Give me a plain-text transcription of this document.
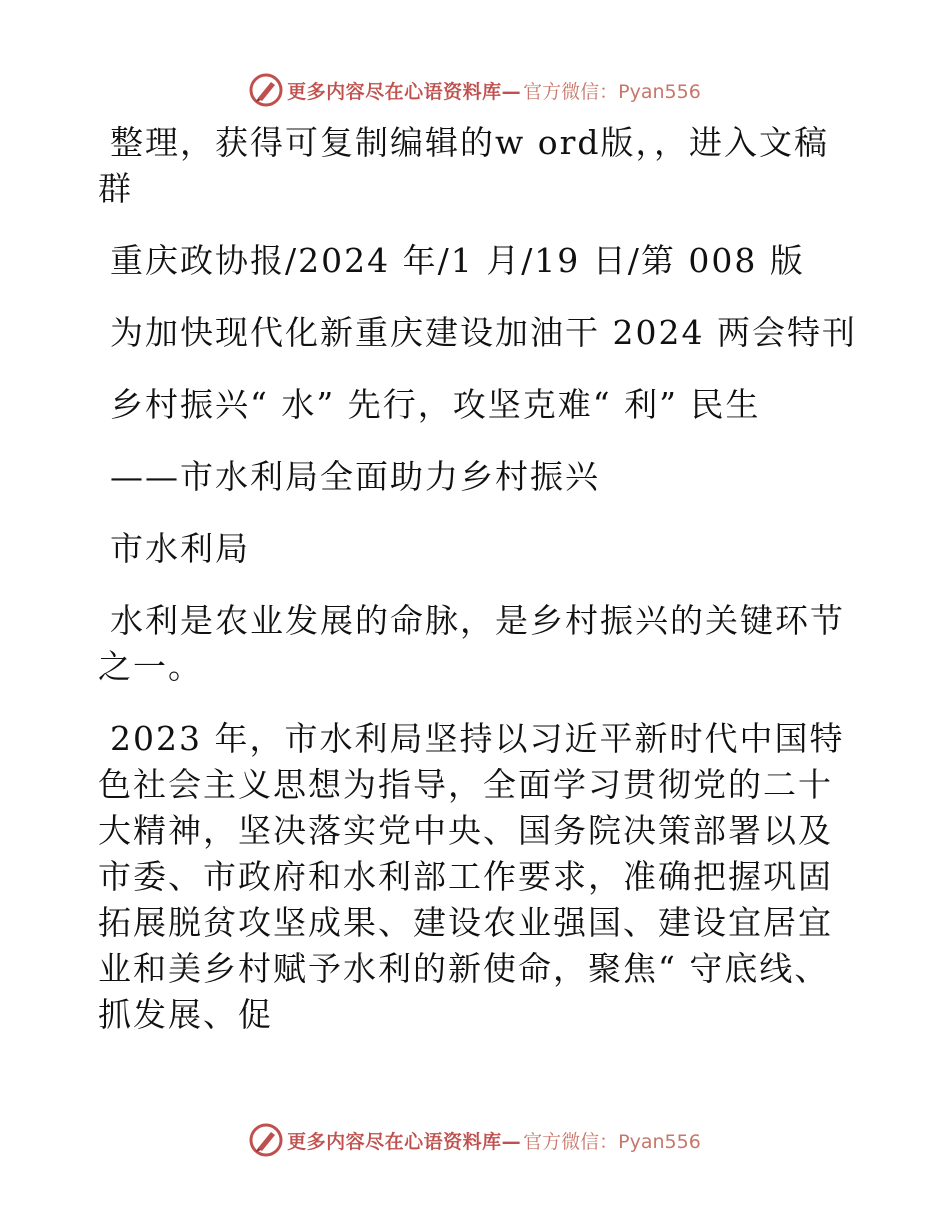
更多内容尽在心语资料库— 官方微信：Pyan556

整理，获得可复制编辑的w ord版，，进入文稿群

重庆政协报/2024 年/1 月/19 日/第 008 版

为加快现代化新重庆建设加油干 2024 两会特刊

乡村振兴“ 水” 先行，攻坚克难“ 利” 民生

——市水利局全面助力乡村振兴

市水利局

水利是农业发展的命脉，是乡村振兴的关键环节之一。

2023 年，市水利局坚持以习近平新时代中国特色社会主义思想为指导，全面学习贯彻党的二十大精神，坚决落实党中央、国务院决策部署以及市委、市政府和水利部工作要求，准确把握巩固拓展脱贫攻坚成果、建设农业强国、建设宜居宜业和美乡村赋予水利的新使命，聚焦“ 守底线、抓发展、促

更多内容尽在心语资料库— 官方微信：Pyan556
